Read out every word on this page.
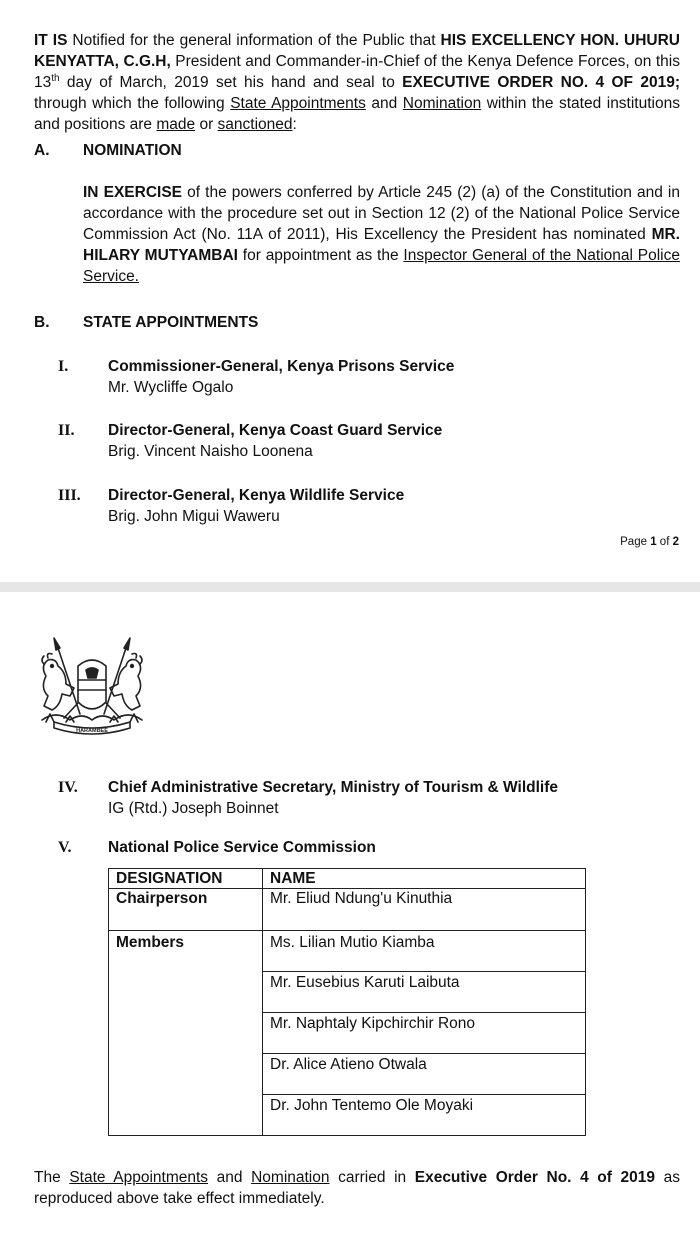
IT IS Notified for the general information of the Public that HIS EXCELLENCY HON. UHURU KENYATTA, C.G.H, President and Commander-in-Chief of the Kenya Defence Forces, on this 13th day of March, 2019 set his hand and seal to EXECUTIVE ORDER NO. 4 OF 2019; through which the following State Appointments and Nomination within the stated institutions and positions are made or sanctioned:

A. NOMINATION

IN EXERCISE of the powers conferred by Article 245 (2) (a) of the Constitution and in accordance with the procedure set out in Section 12 (2) of the National Police Service Commission Act (No. 11A of 2011), His Excellency the President has nominated MR. HILARY MUTYAMBAI for appointment as the Inspector General of the National Police Service.

B. STATE APPOINTMENTS
I.	Commissioner-General, Kenya Prisons Service
Mr. Wycliffe Ogalo
II. Director-General, Kenya Coast Guard Service
Brig. Vincent Naisho Loonena
III. Director-General, Kenya Wildlife Service
Brig. John Migui Waweru
Page 1 of 2
HARAMBEE
IV. Chief Administrative Secretary, Ministry of Tourism & Wildlife
IG (Rtd.) Joseph Boinnet
V. National Police Service Commission
DESIGNATION	NAME
Chairperson	Mr. Eliud Ndung'u Kinuthia
Members	Ms. Lilian Mutio Kiamba
	Mr. Eusebius Karuti Laibuta
	Mr. Naphtaly Kipchirchir Rono
	Dr. Alice Atieno Otwala
	Dr. John Tentemo Ole Moyaki

The State Appointments and Nomination carried in Executive Order No. 4 of 2019 as reproduced above take effect immediately.
